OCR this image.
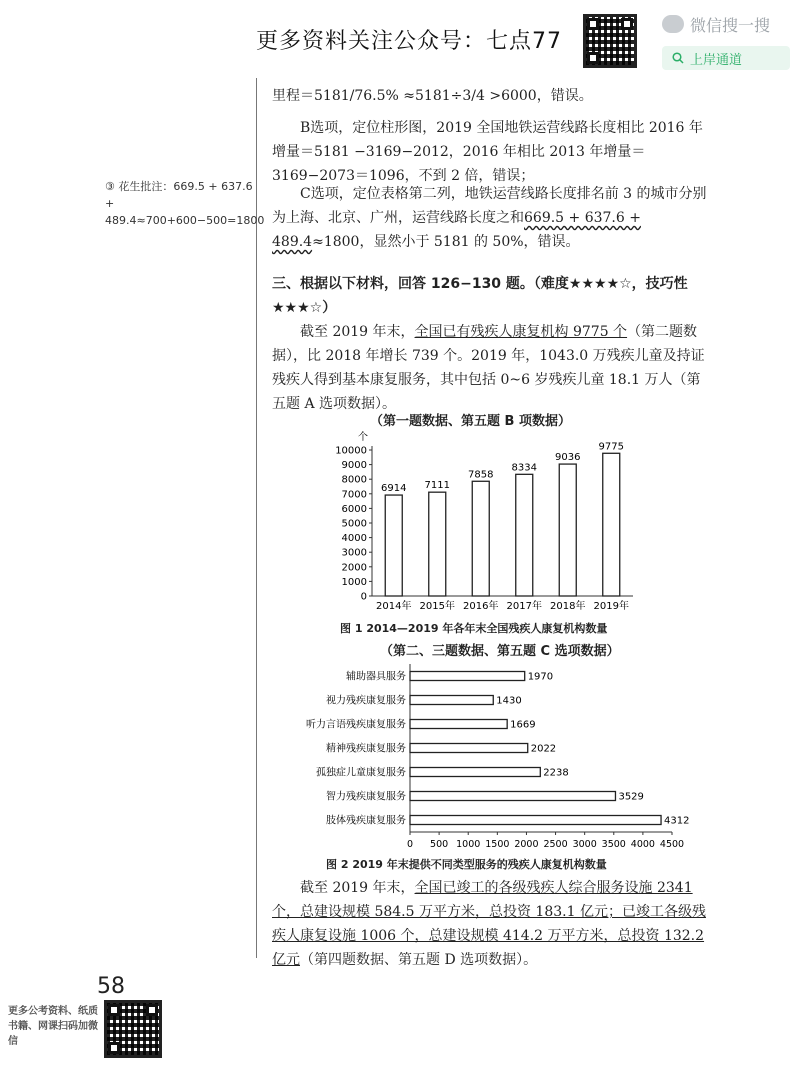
更多资料关注公众号：七点77
微信搜一搜
上岸通道
③ 花生批注：669.5 + 637.6 + 489.4≈700+600−500=1800
里程＝5181/76.5% ≈5181÷3/4 >6000，错误。
B选项，定位柱形图，2019 全国地铁运营线路长度相比 2016 年增量＝5181 −3169−2012，2016 年相比 2013 年增量＝3169−2073＝1096，不到 2 倍，错误；
C选项，定位表格第二列，地铁运营线路长度排名前 3 的城市分别为上海、北京、广州，运营线路长度之和669.5 + 637.6 + 489.4≈1800，显然小于 5181 的 50%，错误。
三、根据以下材料，回答 126−130 题。（难度★★★★☆，技巧性★★★☆）
截至 2019 年末，全国已有残疾人康复机构 9775 个（第二题数据），比 2018 年增长 739 个。2019 年，1043.0 万残疾儿童及持证残疾人得到基本康复服务，其中包括 0~6 岁残疾儿童 18.1 万人（第五题 A 选项数据）。
（第一题数据、第五题 B 项数据）
个
0
1000
2000
3000
4000
5000
6000
7000
8000
9000
10000
6914
2014年
7111
2015年
7858
2016年
8334
2017年
9036
2018年
9775
2019年
图 1 2014—2019 年各年末全国残疾人康复机构数量
（第二、三题数据、第五题 C 选项数据）
0 500 1000 1500 2000 2500 3000 3500 4000 4500
1970
辅助器具服务
1430
视力残疾康复服务
1669
听力言语残疾康复服务
2022
精神残疾康复服务
2238
孤独症儿童康复服务
3529
智力残疾康复服务
4312
肢体残疾康复服务
图 2 2019 年末提供不同类型服务的残疾人康复机构数量
截至 2019 年末，全国已竣工的各级残疾人综合服务设施 2341 个，总建设规模 584.5 万平方米，总投资 183.1 亿元；已竣工各级残疾人康复设施 1006 个，总建设规模 414.2 万平方米，总投资 132.2 亿元（第四题数据、第五题 D 选项数据）。
58
更多公考资料、纸质书籍、网课扫码加微信
